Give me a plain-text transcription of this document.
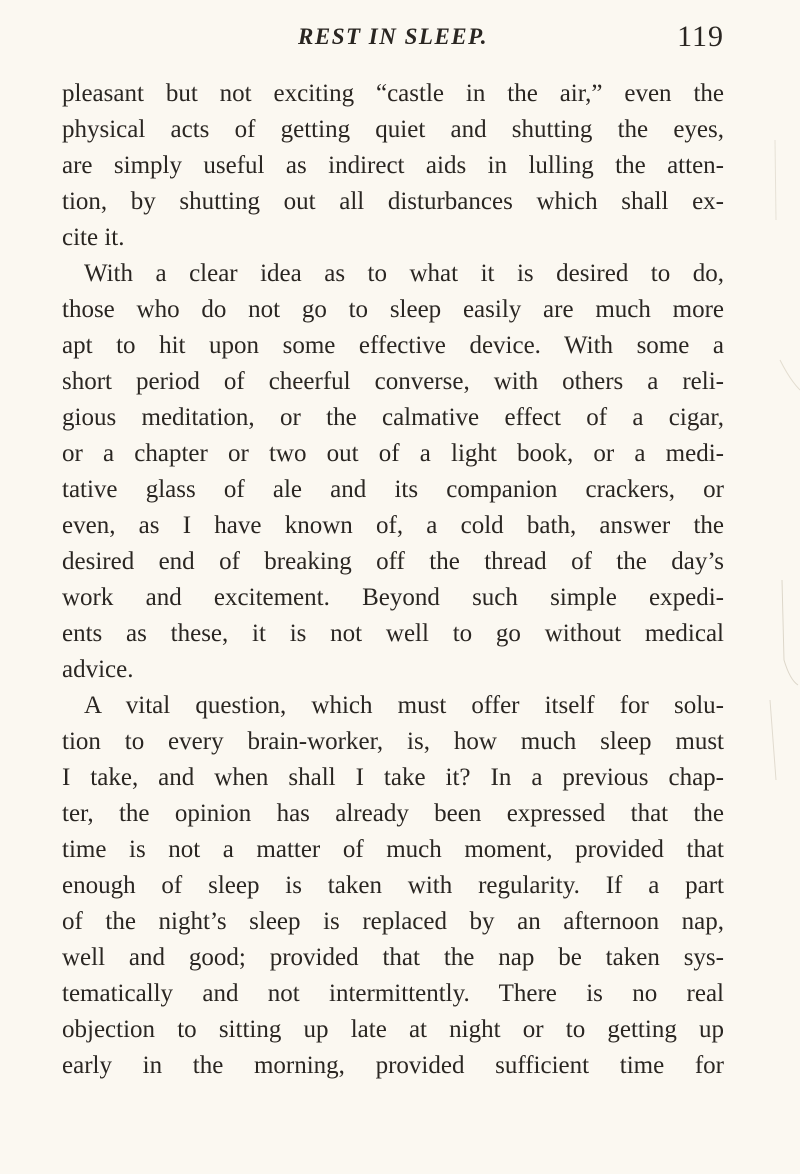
REST IN SLEEP.	119
pleasant but not exciting “castle in the air,” even the
physical acts of getting quiet and shutting the eyes,
are simply useful as indirect aids in lulling the atten-
tion, by shutting out all disturbances which shall ex-
cite it.
With a clear idea as to what it is desired to do,
those who do not go to sleep easily are much more
apt to hit upon some effective device. With some a
short period of cheerful converse, with others a reli-
gious meditation, or the calmative effect of a cigar,
or a chapter or two out of a light book, or a medi-
tative glass of ale and its companion crackers, or
even, as I have known of, a cold bath, answer the
desired end of breaking off the thread of the day’s
work and excitement. Beyond such simple expedi-
ents as these, it is not well to go without medical
advice.
A vital question, which must offer itself for solu-
tion to every brain-worker, is, how much sleep must
I take, and when shall I take it? In a previous chap-
ter, the opinion has already been expressed that the
time is not a matter of much moment, provided that
enough of sleep is taken with regularity. If a part
of the night’s sleep is replaced by an afternoon nap,
well and good; provided that the nap be taken sys-
tematically and not intermittently. There is no real
objection to sitting up late at night or to getting up
early in the morning, provided sufficient time for
